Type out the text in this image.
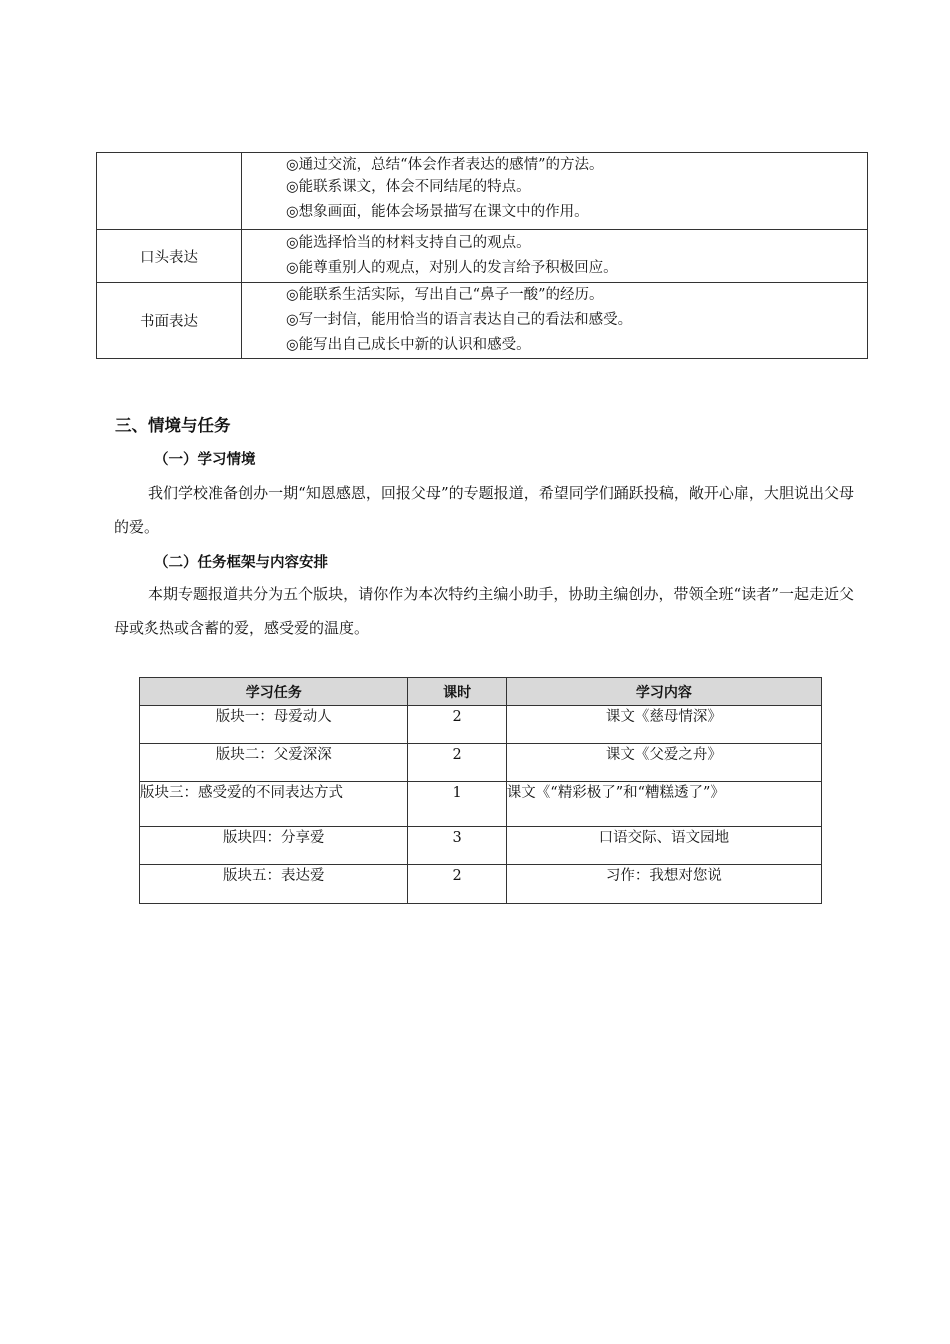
	◎通过交流，总结“体会作者表达的感情”的方法。
◎能联系课文，体会不同结尾的特点。
◎想象画面，能体会场景描写在课文中的作用。

口头表达	◎能选择恰当的材料支持自己的观点。
◎能尊重别人的观点，对别人的发言给予积极回应。

书面表达	◎能联系生活实际，写出自己“鼻子一酸”的经历。
◎写一封信，能用恰当的语言表达自己的看法和感受。
◎能写出自己成长中新的认识和感受。
三、情境与任务
（一）学习情境
我们学校准备创办一期“知恩感恩，回报父母”的专题报道，希望同学们踊跃投稿，敞开心扉，大胆说出父母的爱。
（二）任务框架与内容安排
本期专题报道共分为五个版块，请你作为本次特约主编小助手，协助主编创办，带领全班“读者”一起走近父母或炙热或含蓄的爱，感受爱的温度。
学习任务	课时	学习内容
版块一：母爱动人	2	课文《慈母情深》
版块二：父爱深深	2	课文《父爱之舟》
版块三：感受爱的不同表达方式	1	课文《“精彩极了”和“糟糕透了”》
版块四：分享爱	3	口语交际、语文园地
版块五：表达爱	2	习作：我想对您说
